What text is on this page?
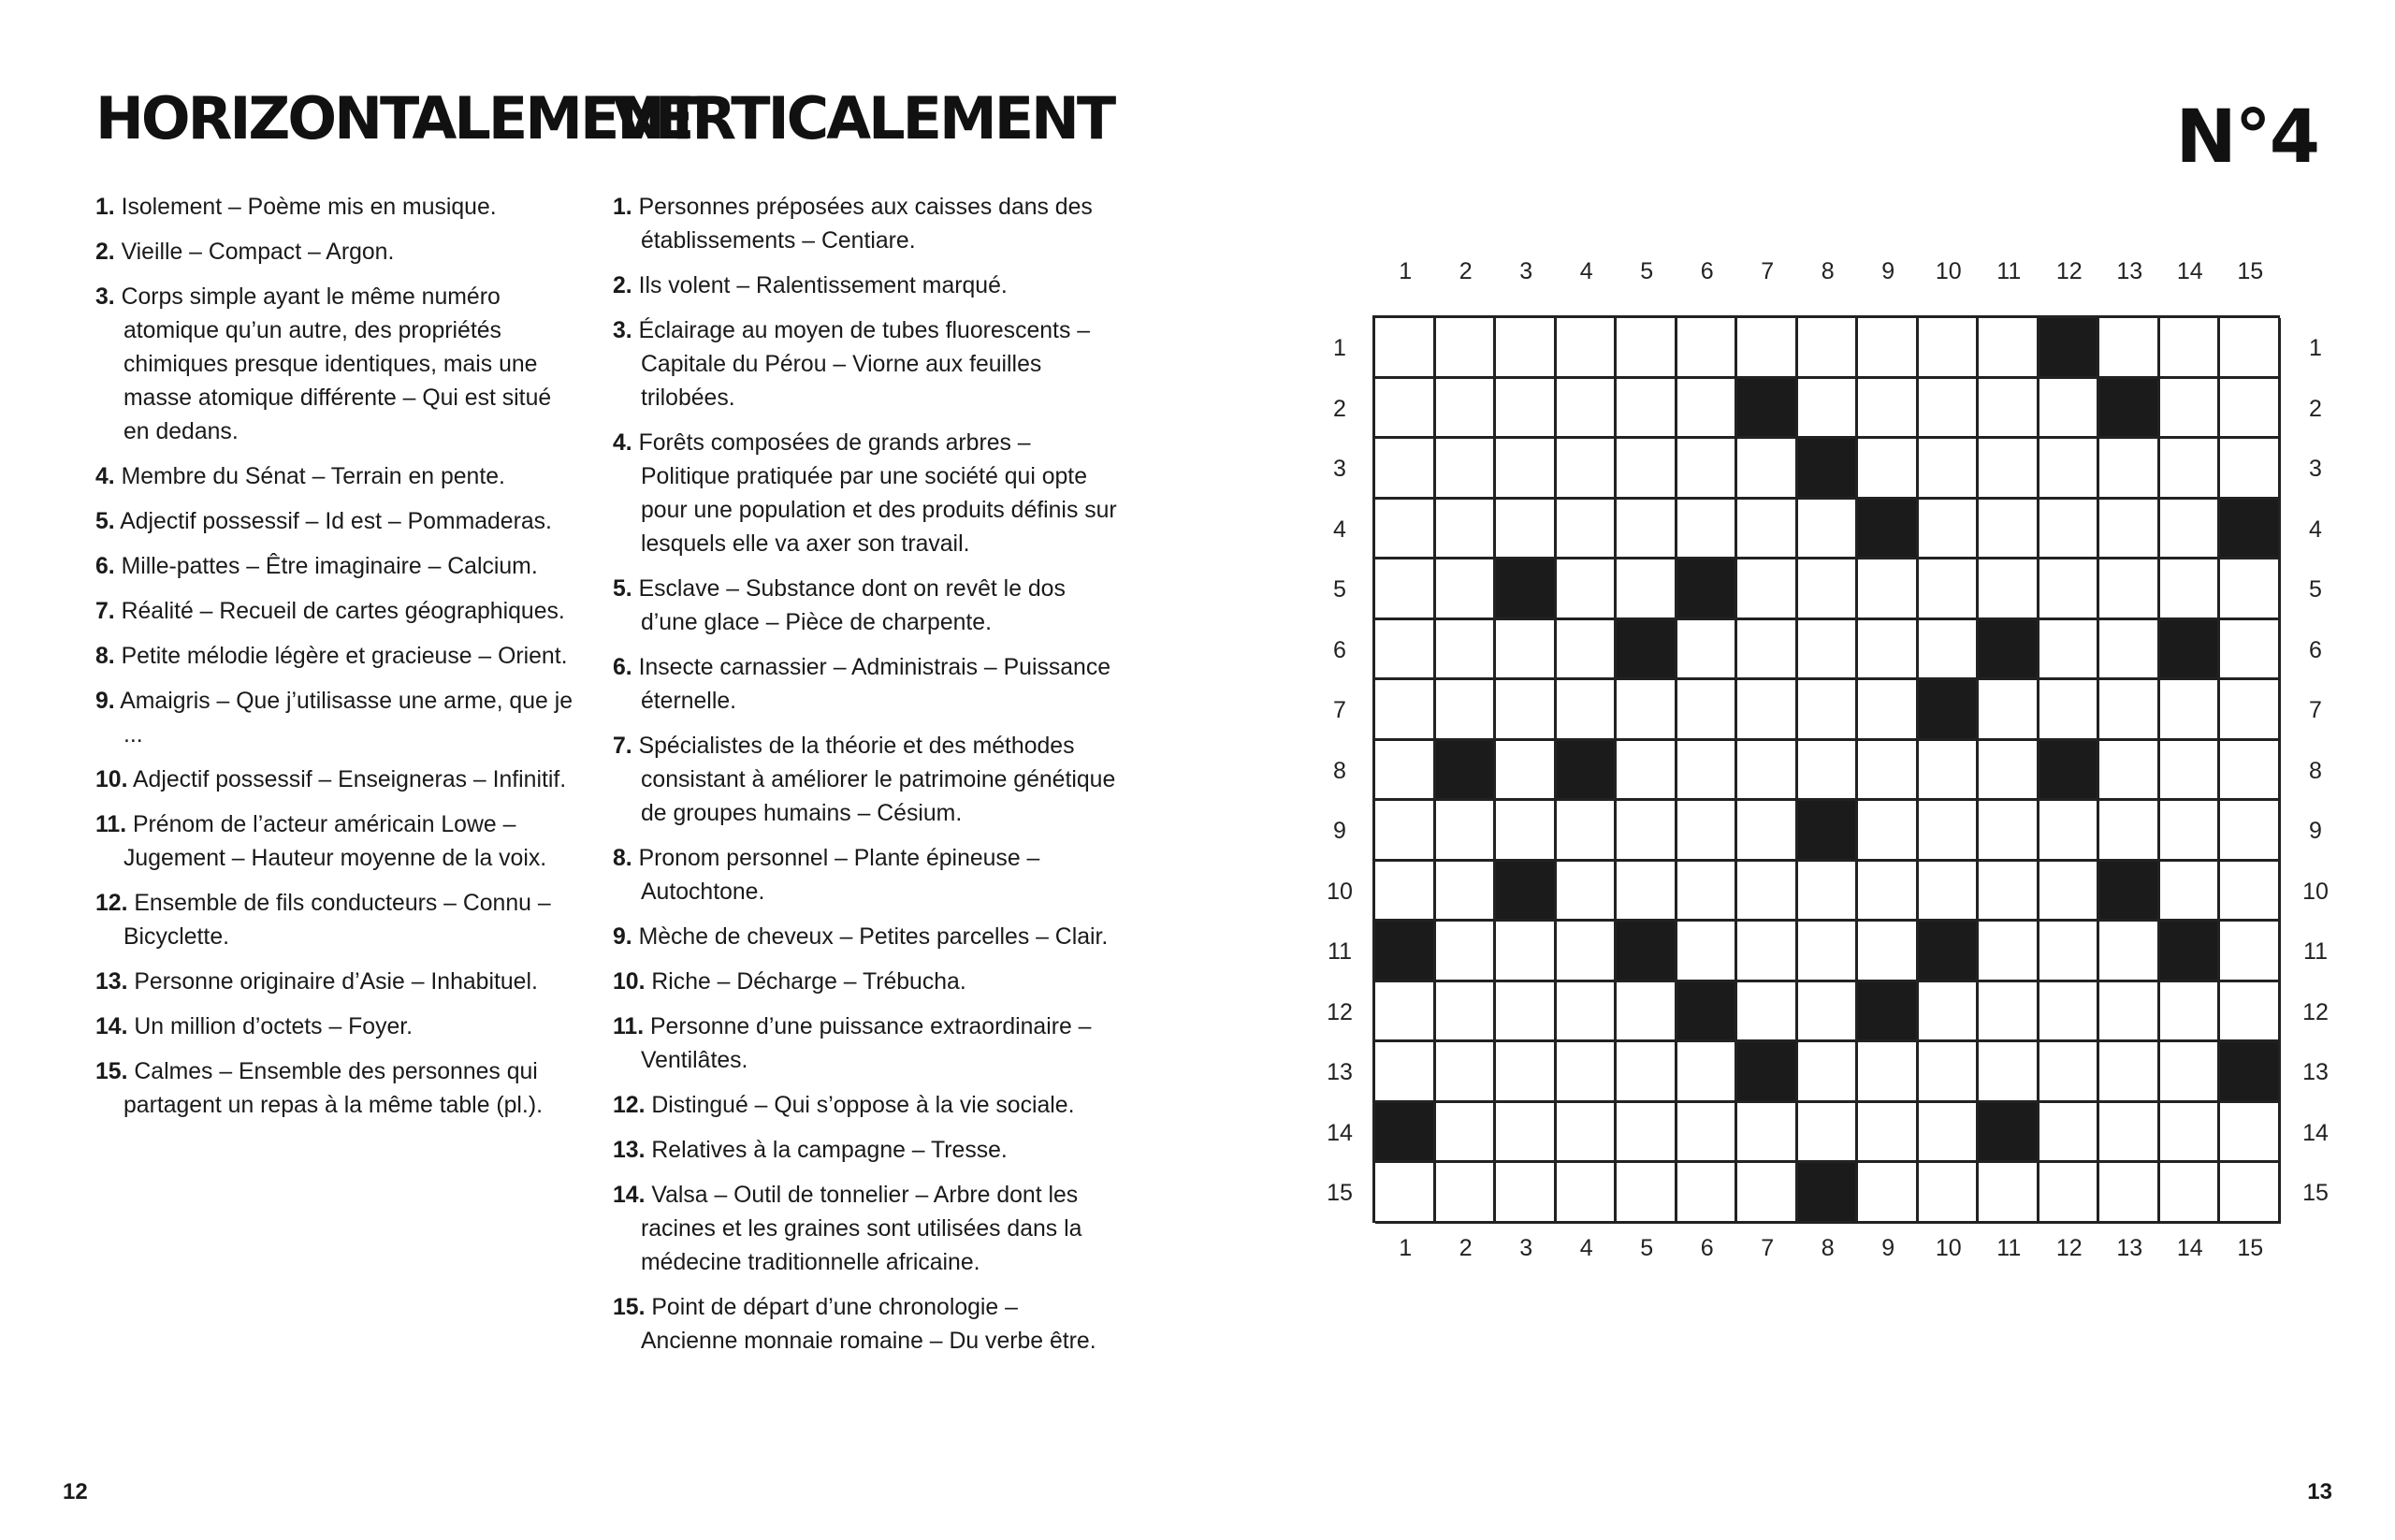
HORIZONTALEMENT
VERTICALEMENT	N°4

1. Isolement – Poème mis en musique.

2. Vieille – Compact – Argon.

3. Corps simple ayant le même numéro atomique qu’un autre, des propriétés chimiques presque identiques, mais une masse atomique différente – Qui est situé en dedans.

4. Membre du Sénat – Terrain en pente.

5. Adjectif possessif – Id est – Pommaderas.

6. Mille-pattes – Être imaginaire – Calcium.

7. Réalité – Recueil de cartes géographiques.

8. Petite mélodie légère et gracieuse – Orient.

9. Amaigris – Que j’utilisasse une arme, que je ...

10. Adjectif possessif – Enseigneras – Infinitif.

11. Prénom de l’acteur américain Lowe – Jugement – Hauteur moyenne de la voix.

12. Ensemble de fils conducteurs – Connu – Bicyclette.

13. Personne originaire d’Asie – Inhabituel.

14. Un million d’octets – Foyer.

15. Calmes – Ensemble des personnes qui partagent un repas à la même table (pl.).

1. Personnes préposées aux caisses dans des établissements – Centiare.

2. Ils volent – Ralentissement marqué.

3. Éclairage au moyen de tubes fluorescents – Capitale du Pérou – Viorne aux feuilles trilobées.

4. Forêts composées de grands arbres – Politique pratiquée par une société qui opte pour une population et des produits définis sur lesquels elle va axer son travail.

5. Esclave – Substance dont on revêt le dos d’une glace – Pièce de charpente.

6. Insecte carnassier – Administrais – Puissance éternelle.

7. Spécialistes de la théorie et des méthodes consistant à améliorer le patrimoine génétique de groupes humains – Césium.

8. Pronom personnel – Plante épineuse – Autochtone.

9. Mèche de cheveux – Petites parcelles – Clair.

10. Riche – Décharge – Trébucha.

11. Personne d’une puissance extraordinaire – Ventilâtes.

12. Distingué – Qui s’oppose à la vie sociale.

13. Relatives à la campagne – Tresse.

14. Valsa – Outil de tonnelier – Arbre dont les racines et les graines sont utilisées dans la médecine traditionnelle africaine.

15. Point de départ d’une chronologie – Ancienne monnaie romaine – Du verbe être.

1
1
1	1
2
2
2	2
3
3
3	3
4
4
4	4
5
5
5	5
6
6
6	6
7
7
7	7
8
8
8	8
9
9
9	9
10
10
10	10
11
11
11	11
12
12
12	12
13
13
13	13
14
14
14	14
15
15
15	15
12	13
